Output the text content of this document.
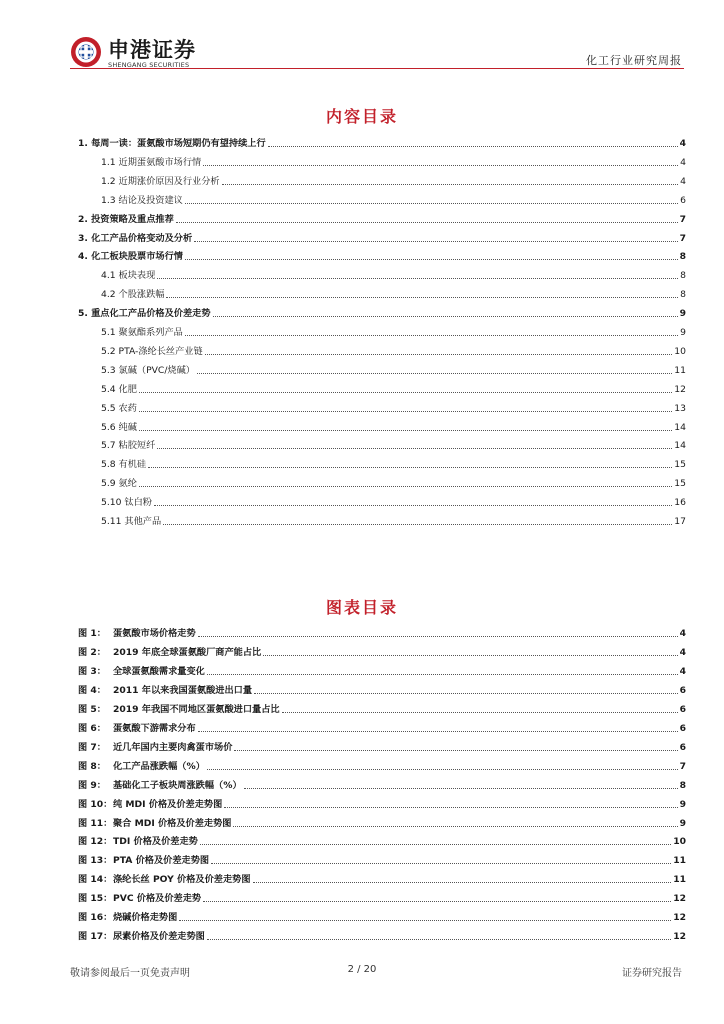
申港证券
SHENGANG SECURITIES	化工行业研究周报
内容目录
1. 每周一读：蛋氨酸市场短期仍有望持续上行	4
1.1 近期蛋氨酸市场行情	4
1.2 近期涨价原因及行业分析	4
1.3 结论及投资建议	6
2. 投资策略及重点推荐	7
3. 化工产品价格变动及分析	7
4. 化工板块股票市场行情	8
4.1 板块表现	8
4.2 个股涨跌幅	8
5. 重点化工产品价格及价差走势	9
5.1 聚氨酯系列产品	9
5.2 PTA-涤纶长丝产业链	10
5.3 氯碱（PVC/烧碱）	11
5.4 化肥	12
5.5 农药	13
5.6 纯碱	14
5.7 粘胶短纤	14
5.8 有机硅	15
5.9 氨纶	15
5.10 钛白粉	16
5.11 其他产品	17
图表目录
图 1： 蛋氨酸市场价格走势	4
图 2： 2019 年底全球蛋氨酸厂商产能占比	4
图 3： 全球蛋氨酸需求量变化	4
图 4： 2011 年以来我国蛋氨酸进出口量	6
图 5： 2019 年我国不同地区蛋氨酸进口量占比	6
图 6： 蛋氨酸下游需求分布	6
图 7： 近几年国内主要肉禽蛋市场价	6
图 8： 化工产品涨跌幅（%）	7
图 9： 基础化工子板块周涨跌幅（%）	8
图 10： 纯 MDI 价格及价差走势图	9
图 11： 聚合 MDI 价格及价差走势图	9
图 12： TDI 价格及价差走势	10
图 13： PTA 价格及价差走势图	11
图 14： 涤纶长丝 POY 价格及价差走势图	11
图 15： PVC 价格及价差走势	12
图 16： 烧碱价格走势图	12
图 17： 尿素价格及价差走势图	12
敬请参阅最后一页免责声明	2 / 20	证券研究报告
